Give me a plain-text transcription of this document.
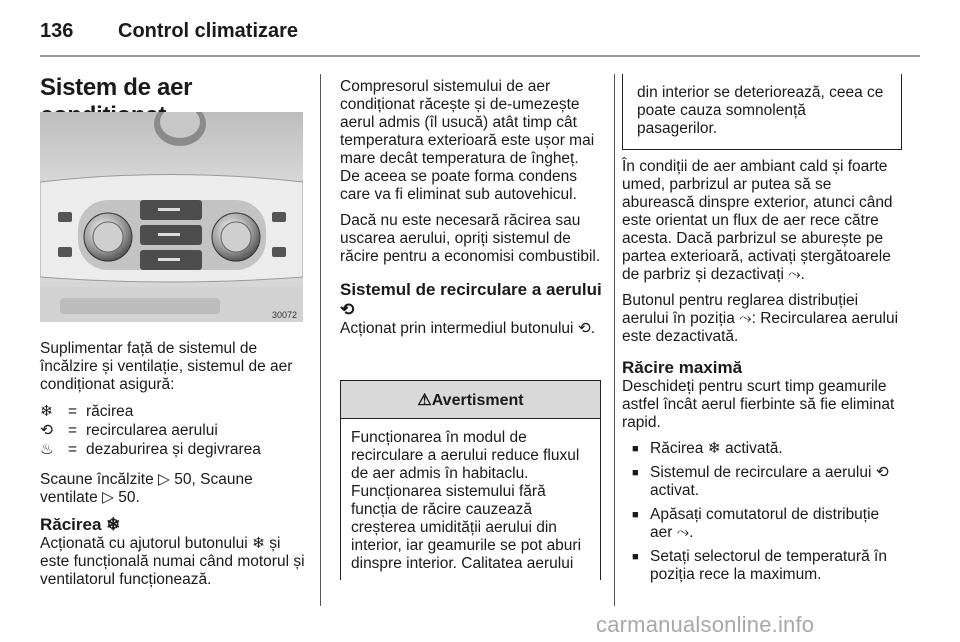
136 Control climatizare
Sistem de aer
30072

Suplimentar față de sistemul de încălzire și ventilație, sistemul de aer condiționat asigură:

❄ = răcirea
⟲ = recircularea aerului
♨ = dezaburirea și degivrarea

Scaune încălzite ▷ 50, Scaune ventilate ▷ 50.

Răcirea ❄

Acționată cu ajutorul butonului ❄ și este funcțională numai când motorul și ventilatorul funcționează.

Compresorul sistemului de aer condiționat răcește și de-umezește aerul admis (îl usucă) atât timp cât temperatura exterioară este ușor mai mare decât temperatura de îngheț. De aceea se poate forma condens care va fi eliminat sub autovehicul.

Dacă nu este necesară răcirea sau uscarea aerului, opriți sistemul de răcire pentru a economisi combustibil.

Sistemul de recirculare a aerului ⟲

Acționat prin intermediul butonului ⟲.

⚠Avertisment
Funcționarea în modul de recirculare a aerului reduce fluxul de aer admis în habitaclu. Funcționarea sistemului fără funcția de răcire cauzează creșterea umidității aerului din interior, iar geamurile se pot aburi dinspre interior. Calitatea aerului
din interior se deteriorează, ceea ce poate cauza somnolență pasagerilor.

În condiții de aer ambiant cald și foarte umed, parbrizul ar putea să se aburească dinspre exterior, atunci când este orientat un flux de aer rece către acesta. Dacă parbrizul se aburește pe partea exterioară, activați ștergătoarele de parbriz și dezactivați ⤳.

Butonul pentru reglarea distribuției aerului în poziția ⤳: Recircularea aerului este dezactivată.

Răcire maximă

Deschideți pentru scurt timp geamurile astfel încât aerul fierbinte să fie eliminat rapid.

■ Răcirea ❄ activată.
■ Sistemul de recirculare a aerului ⟲ activat.
■ Apăsați comutatorul de distribuție aer ⤳.
■ Setați selectorul de temperatură în poziția rece la maximum.
carmanualsonline.info
